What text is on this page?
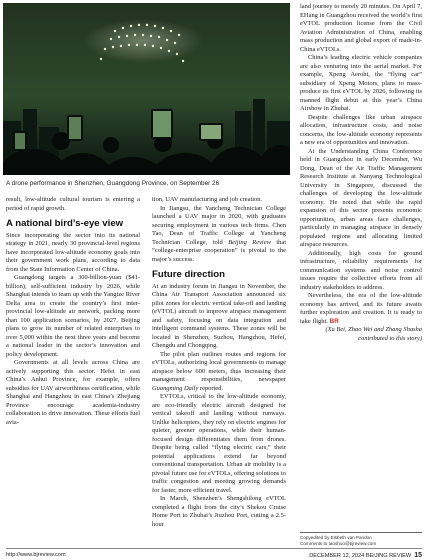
A drone performance in Shenzhen, Guangdong Province, on September 26

result, low-altitude cultural tourism is entering a period of rapid growth.

A national bird’s-eye view

Since incorporating the sector into its national strategy in 2021, nearly 30 provincial-level regions have incorporated low-altitude economy goals into their government work plans, according to data from the State Information Center of China.

Guangdong targets a 300-billion-yuan ($41-billion), self-sufficient industry by 2026, while Shanghai intends to team up with the Yangtze River Delta area to create the country’s first inter-provincial low-altitude air network, packing more than 100 application scenarios, by 2027. Beijing plans to grow its number of related enterprises to over 5,000 within the next three years and become a national leader in the sector’s innovation and policy development.

Governments at all levels across China are actively supporting this sector. Hefei in east China’s Anhui Province, for example, offers subsidies for UAV airworthiness certification, while Shanghai and Hangzhou in east China’s Zhejiang Province encourage academia-industry collaboration to drive innovation. These efforts fuel avia-

tion, UAV manufacturing and job creation.

In Jiangsu, the Yancheng Technician College launched a UAV major in 2020, with graduates securing employment in various tech firms. Chen Tao, Dean of Traffic College at Yancheng Technician College, told Beijing Review that “college-enterprise cooperation” is pivotal to the major’s success.

Future direction

At an industry forum in Jiangsu in November, the China Air Transport Association announced six pilot zones for electric vertical take-off and landing (eVTOL) aircraft to improve airspace management and safety, focusing on data integration and intelligent command systems. These zones will be located in Shenzhen, Suzhou, Hangzhou, Hefei, Chengdu and Chongqing.

The pilot plan outlines routes and regions for eVTOLs, authorizing local governments to manage airspace below 600 meters, thus increasing their management responsibilities, newspaper Guangming Daily reported.

EVTOLs, critical to the low-altitude economy, are eco-friendly electric aircraft designed for vertical takeoff and landing without runways. Unlike helicopters, they rely on electric engines for quieter, greener operations, while their human-focused design differentiates them from drones. Despite being called “flying electric cars,” their potential applications extend far beyond conventional transportation. Urban air mobility is a pivotal future use for eVTOLs, offering solutions to traffic congestion and meeting growing demands for faster, more efficient travel.

In March, Shenzhen’s Shengshilong eVTOL completed a flight from the city’s Shekou Cruise Home Port to Zhuhai’s Jiuzhou Port, cutting a 2.5-hour

land journey to merely 20 minutes. On April 7, EHang in Guangzhou received the world’s first eVTOL production license from the Civil Aviation Administration of China, enabling mass production and global export of made-in-China eVTOLs.

China’s leading electric vehicle companies are also venturing into the aerial market. For example, Xpeng Aeroht, the “flying car” subsidiary of Xpeng Motors, plans to mass-produce its first eVTOL by 2026, following its manned flight debut at this year’s China Airshow in Zhuhai.

Despite challenges like urban airspace allocation, infrastructure costs, and noise concerns, the low-altitude economy represents a new era of opportunities and innovation.

At the Understanding China Conference held in Guangzhou in early December, Wu Dong, Dean of the Air Traffic Management Research Institute at Nanyang Technological University in Singapore, discussed the challenges of developing the low-altitude economy. He noted that while the rapid expansion of this sector presents economic opportunities, urban areas face challenges, particularly in managing airspace in densely populated regions and allocating limited airspace resources.

Additionally, high costs for ground infrastructure, reliability requirements for communication systems and noise control issues require the collective efforts from all industry stakeholders to address.

Nevertheless, the era of the low-altitude economy has arrived, and its future awaits further exploration and creation. It is ready to take flight. BR

(Xu Bei, Zhao Wei and Zhang Shasha contributed to this story)

Copyedited by Elsbeth van Paridon
Comments to taoshuo@bjreview.com
http://www.bjreview.com	DECEMBER 12, 2024 BEIJING REVIEW 15
